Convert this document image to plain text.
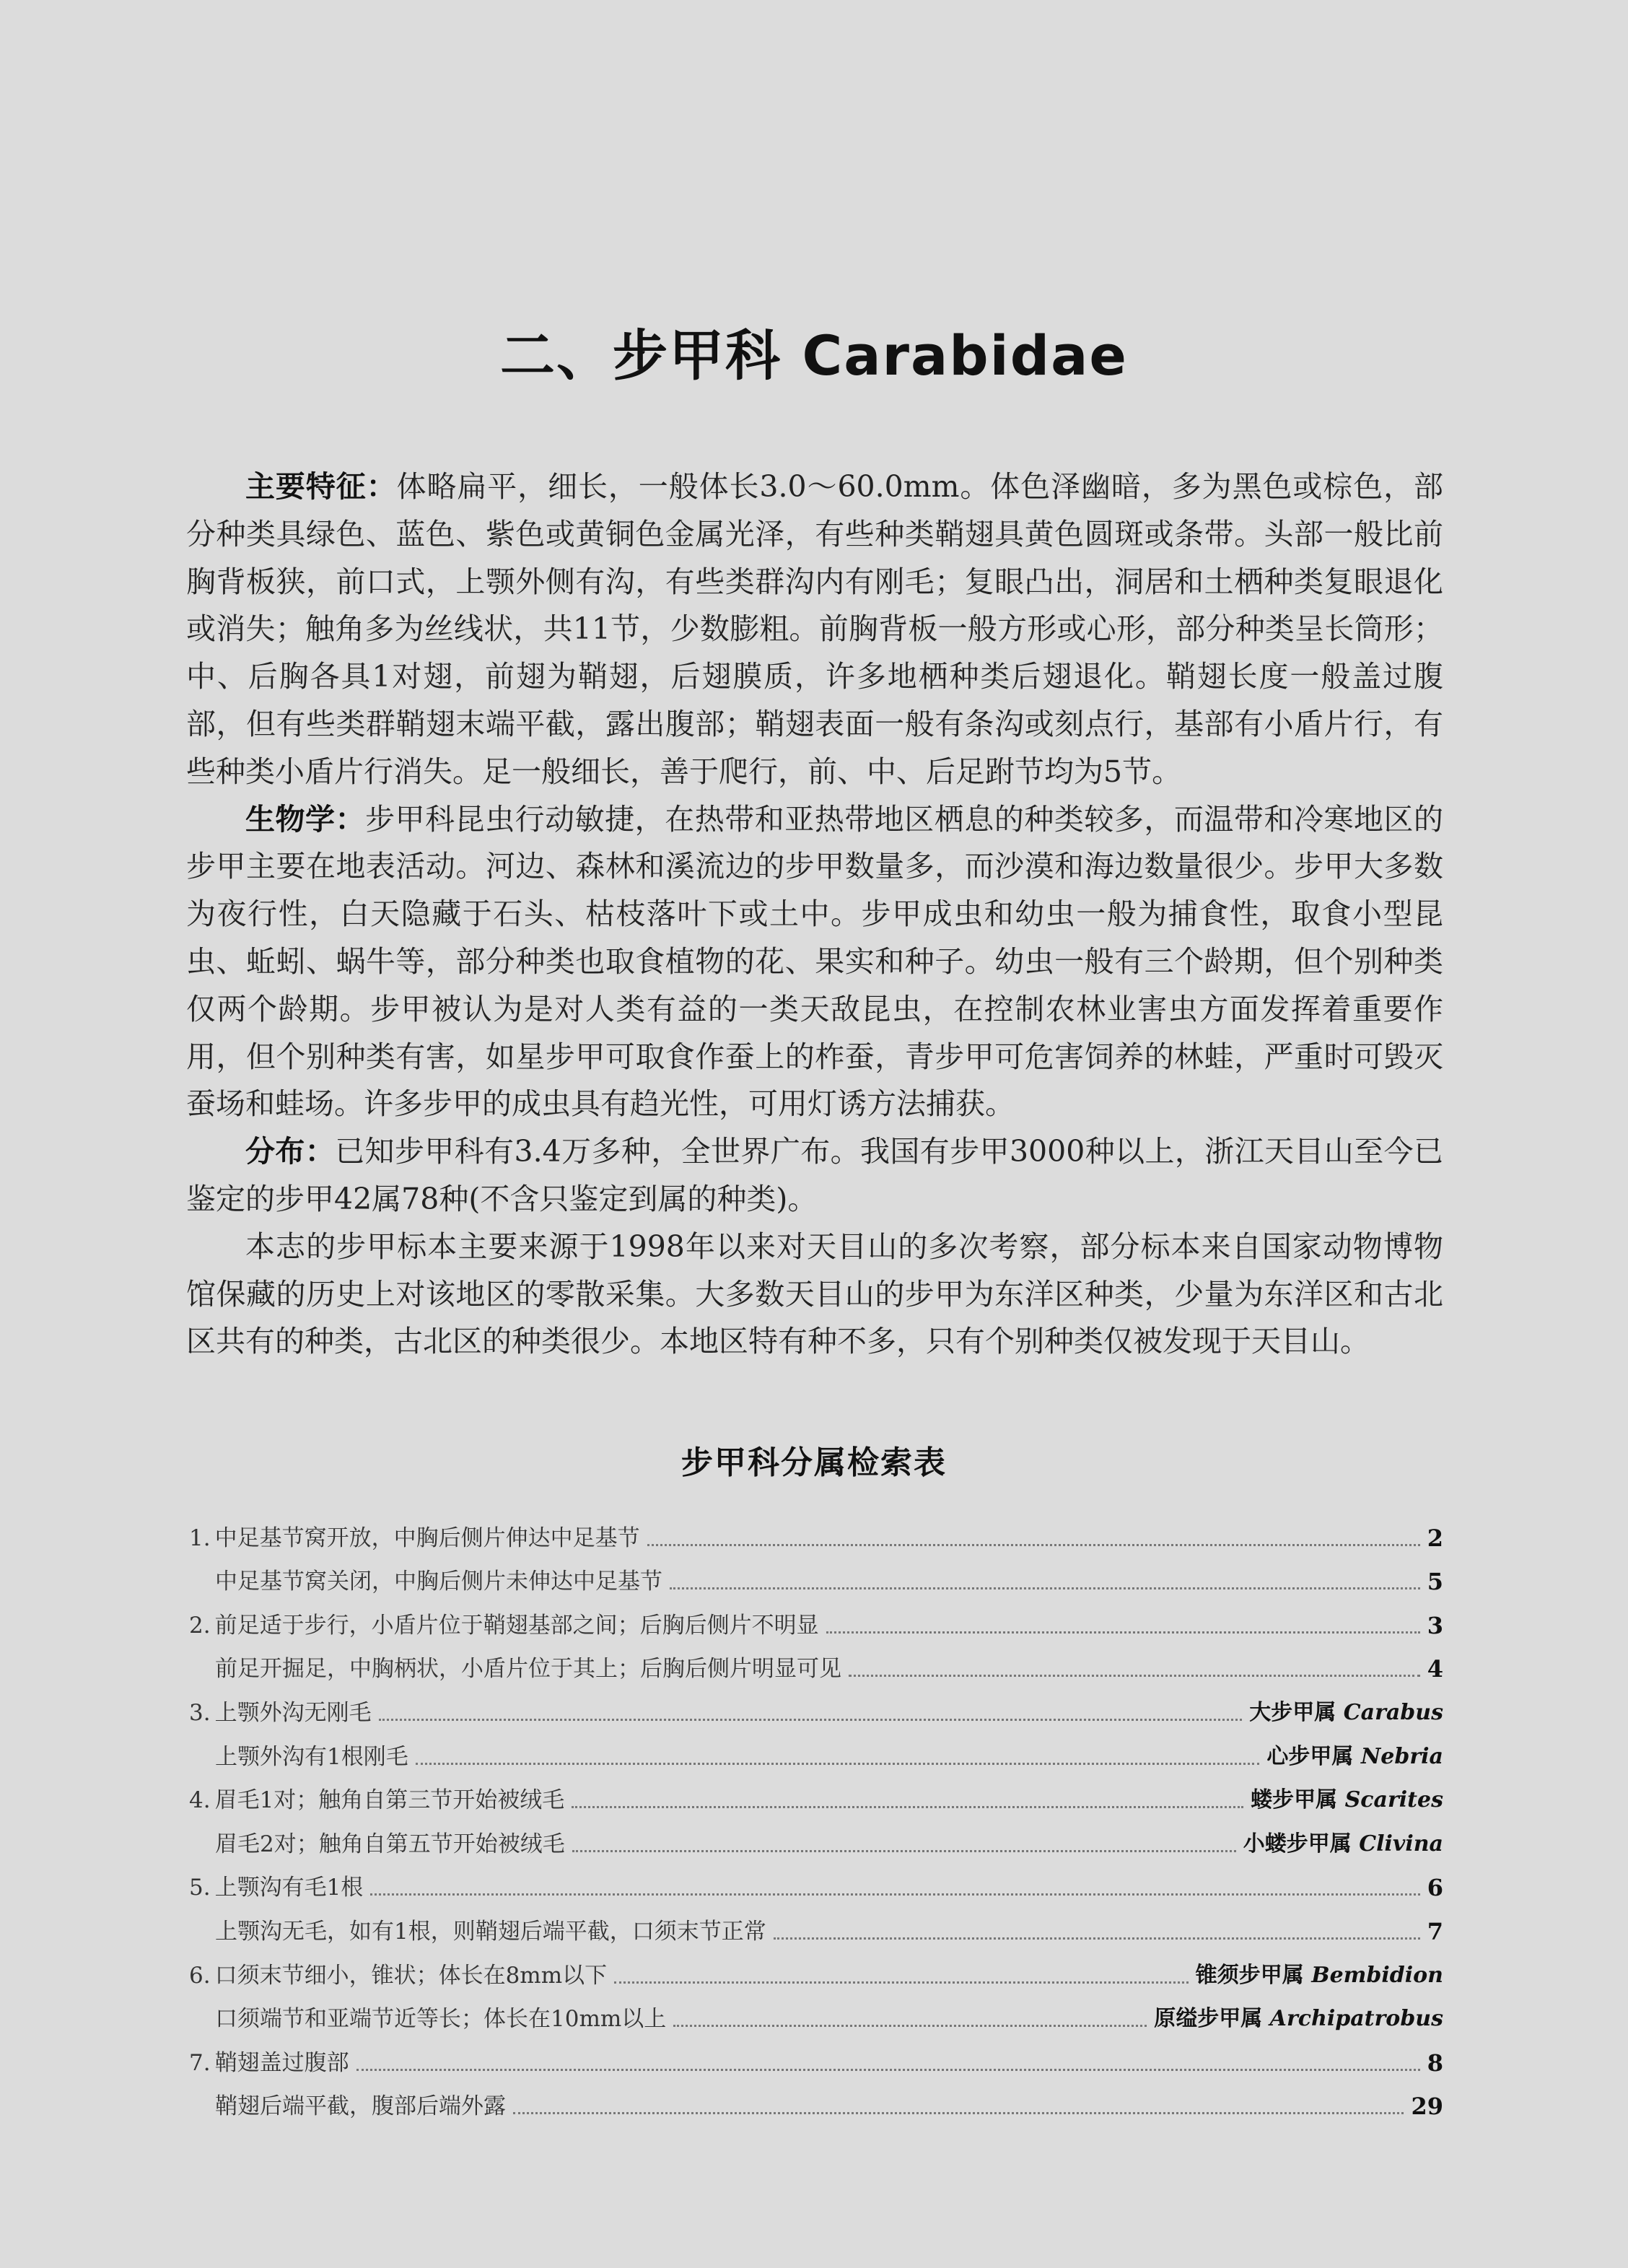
二、步甲科 Carabidae

主要特征：体略扁平，细长，一般体长3.0～60.0mm。体色泽幽暗，多为黑色或棕色，部分种类具绿色、蓝色、紫色或黄铜色金属光泽，有些种类鞘翅具黄色圆斑或条带。头部一般比前胸背板狭，前口式，上颚外侧有沟，有些类群沟内有刚毛；复眼凸出，洞居和土栖种类复眼退化或消失；触角多为丝线状，共11节，少数膨粗。前胸背板一般方形或心形，部分种类呈长筒形；中、后胸各具1对翅，前翅为鞘翅，后翅膜质，许多地栖种类后翅退化。鞘翅长度一般盖过腹部，但有些类群鞘翅末端平截，露出腹部；鞘翅表面一般有条沟或刻点行，基部有小盾片行，有些种类小盾片行消失。足一般细长，善于爬行，前、中、后足跗节均为5节。

生物学：步甲科昆虫行动敏捷，在热带和亚热带地区栖息的种类较多，而温带和冷寒地区的步甲主要在地表活动。河边、森林和溪流边的步甲数量多，而沙漠和海边数量很少。步甲大多数为夜行性，白天隐藏于石头、枯枝落叶下或土中。步甲成虫和幼虫一般为捕食性，取食小型昆虫、蚯蚓、蜗牛等，部分种类也取食植物的花、果实和种子。幼虫一般有三个龄期，但个别种类仅两个龄期。步甲被认为是对人类有益的一类天敌昆虫，在控制农林业害虫方面发挥着重要作用，但个别种类有害，如星步甲可取食作蚕上的柞蚕，青步甲可危害饲养的林蛙，严重时可毁灭蚕场和蛙场。许多步甲的成虫具有趋光性，可用灯诱方法捕获。

分布：已知步甲科有3.4万多种，全世界广布。我国有步甲3000种以上，浙江天目山至今已鉴定的步甲42属78种(不含只鉴定到属的种类)。

本志的步甲标本主要来源于1998年以来对天目山的多次考察，部分标本来自国家动物博物馆保藏的历史上对该地区的零散采集。大多数天目山的步甲为东洋区种类，少量为东洋区和古北区共有的种类，古北区的种类很少。本地区特有种不多，只有个别种类仅被发现于天目山。

步甲科分属检索表
1. 中足基节窝开放，中胸后侧片伸达中足基节	2
中足基节窝关闭，中胸后侧片未伸达中足基节	5
2. 前足适于步行，小盾片位于鞘翅基部之间；后胸后侧片不明显	3
前足开掘足，中胸柄状，小盾片位于其上；后胸后侧片明显可见	4
3. 上颚外沟无刚毛	大步甲属 Carabus
上颚外沟有1根刚毛	心步甲属 Nebria
4. 眉毛1对；触角自第三节开始被绒毛	蝼步甲属 Scarites
眉毛2对；触角自第五节开始被绒毛	小蝼步甲属 Clivina
5. 上颚沟有毛1根	6
上颚沟无毛，如有1根，则鞘翅后端平截，口须末节正常	7
6. 口须末节细小，锥状；体长在8mm以下	锥须步甲属 Bembidion
口须端节和亚端节近等长；体长在10mm以上	原缢步甲属 Archipatrobus
7. 鞘翅盖过腹部	8
鞘翅后端平截，腹部后端外露	29
